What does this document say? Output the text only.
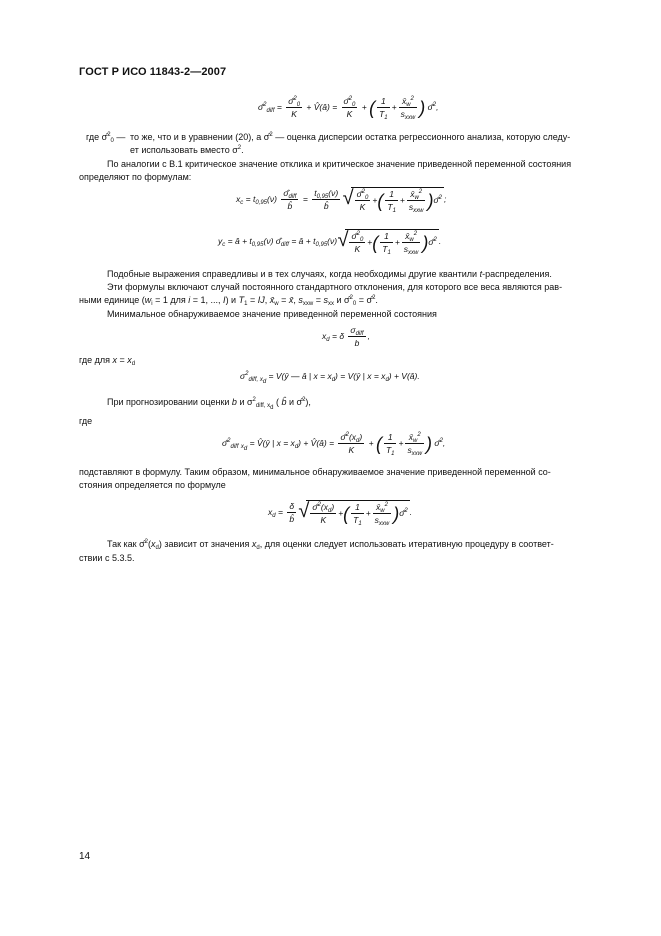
ГОСТ Р ИСО 11843-2—2007
σ̂$^2_{diff}$ = $\frac{\sigmâ^2_0}{K}$ + V̂(â) = $\frac{\sigmâ^2_0}{K}$ + ( $\frac{1}{T_1} + \frac{x̄_w^2}{s_{xxw}}$ ) σ̂$^2$,
где σ̂$^2_0$ — то же, что и в уравнении (20), а σ̂$^2$ — оценка дисперсии остатка регрессионного анализа, которую следу-
ет использовать вместо $\sigma^2$.
По аналогии с В.1 критическое значение отклика и критическое значение приведенной переменной состояния
определяют по формулам:
$x_c = t_{0,95}(\nu) \frac{\sigmâ_{diff}}{b̂} = \frac{t_{0,95}(\nu)}{b̂}$
√ $\frac{\sigmâ^2_0}{K}$ +( $\frac{1}{T_1} + \frac{x̄_w^2}{s_{xxw}}$ )σ̂$^2$ ;
$y_c$ = â + $t_{0,95}(\nu)$ $\sigmâ_{diff}$ = â + $t_{0,95}(\nu)$ √ $\frac{\sigmâ^2_0}{K}$ +( $\frac{1}{T_1} + \frac{x̄_w^2}{s_{xxw}}$ )σ̂$^2$ .
Подобные выражения справедливы и в тех случаях, когда необходимы другие квантили t-распределения.
Эти формулы включают случай постоянного стандартного отклонения, для которого все веса являются рав-
ными единице ($w_i = 1$ для i = 1, ..., I) и $T_1$ = IJ, $x̄_w$ = x̄, $s_{xxw} = s_{xx}$ и σ̂$^2_0$ = σ̂$^2$.
Минимальное обнаруживаемое значение приведенной переменной состояния
$x_d = \delta \frac{\sigma_{diff}}{b}$ ,
где для $x = x_d$
$\sigma^2_{diff, x_d}$ = V(ȳ — â | $x = x_d$) = V(ȳ | $x = x_d$) + V(â).
При прогнозировании оценки b и $\sigma^2_{diff, x_d}$ ( b̂ и σ̂$^2$),
где
σ̂$^2_{diff}$ $_{x_d}$ = V̂(ȳ | $x = x_d$) + V̂(â) = $\frac{\sigmâ^2(x_d)}{K}$ + ( $\frac{1}{T_1} + \frac{x̄_w^2}{s_{xxw}}$ ) σ̂$^2$,
подставляют в формулу. Таким образом, минимальное обнаруживаемое значение приведенной переменной со-
стояния определяется по формуле
$x_d = \frac{\delta}{b̂}$
√ $\frac{\sigmâ^2(x_d)}{K}$ +( $\frac{1}{T_1} + \frac{x̄_w^2}{s_{xxw}}$ )σ̂$^2$ .
Так как $\sigmâ^2(x_d)$ зависит от значения $x_d$, для оценки следует использовать итеративную процедуру в соответ-
ствии с 5.3.5.
14
